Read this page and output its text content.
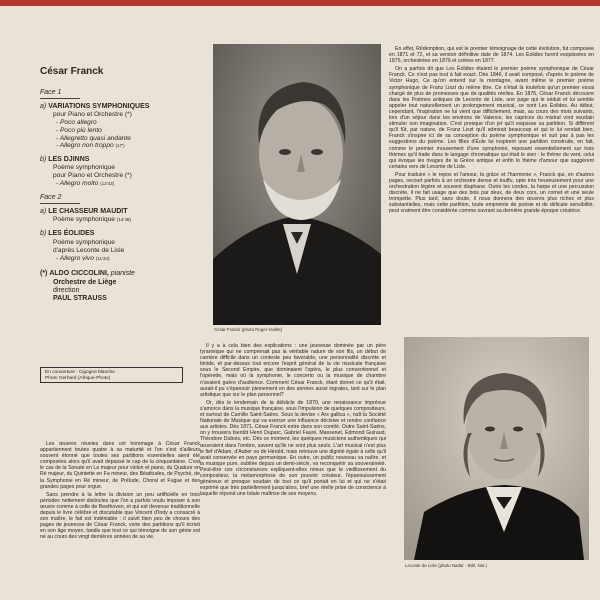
César Franck
Face 1
a) VARIATIONS SYMPHONIQUES
pour Piano et Orchestre (*)
- Poco allegro
- Poco più lento
- Allegretto quasi andante
- Allegro non troppo (17')
b) LES DJINNS
Poème symphonique
pour Piano et Orchestre (*)
- Allegro molto (12'43)
Face 2
a) LE CHASSEUR MAUDIT
Poème symphonique (14'49)
b) LES ÉOLIDES
Poème symphonique
d'après Leconte de Lisle
- Allegro vivo (11'34)
(*) ALDO CICCOLINI, pianiste
Orchestre de Liège
direction
PAUL STRAUSS
En couverture : Cigogne blanche
Photo Gerhard (Afrique-Photo)
César Franck (photo Roger-Viollet)
Leconte de Lisle (photo Nadar - Bibl. Nat.)

Les œuvres réunies dans cet hommage à César Franck appartiennent toutes quatre à sa maturité et l'on s'est d'ailleurs souvent étonné que toutes ses partitions essentielles aient été composées alors qu'il avait dépassé le cap de la cinquantaine. C'est le cas de la Sonate en La majeur pour violon et piano, du Quatuor en Ré majeur, du Quintette en Fa mineur, des Béatitudes, de Psyché, de la Symphonie en Ré mineur, de Prélude, Choral et Fugue et des grandes pages pour orgue.

Sans prendre à la lettre la division un peu artificielle en trois périodes nettement distinctes que l'on a parfois voulu imposer à son œuvre comme à celle de Beethoven, et qui est devenue traditionnelle depuis le livre célèbre et discutable que Vincent d'Indy a consacré à son maître, le fait est indéniable : il suivit bien peu de choses des pages de jeunesse de César Franck, voire des partitions qu'il écrivit en son âge moyen, tandis que tout ce qui témoigne de son génie est né au cours des vingt dernières années de sa vie.

Il y a à cela bien des explications : une jeunesse dominée par un père tyrannique qui ne comprenait pas la véritable nature de son fils, un début de carrière difficile dans un contexte peu favorable, une personnalité discrète et timide, et par-dessus tout encore l'esprit général de la vie musicale française sous le Second Empire, que dominaient l'opéra, le plus conventionnel et l'opérette, mais où la symphonie, le concerto ou la musique de chambre n'avaient guère d'audience. Comment César Franck, étant donné ce qu'il était, aurait-il pu s'épanouir pleinement en des années aussi ingrates, tant sur le plan artistique que sur le plan personnel?

Or, dès le lendemain de la débâcle de 1870, une renaissance imprévue s'amorce dans la musique française, sous l'impulsion de quelques compositeurs, et surtout de Camille Saint-Saëns. Sous la devise « Ars gallica », naît la Société Nationale de Musique qui va exercer une influence décisive et rendre confiance aux artistes. Dès 1871, César Franck entre dans son comité. Outre Saint-Saëns, on y trouvera bientôt Henri Duparc, Gabriel Fauré, Massenet, Edmond Guiraud, Théodore Dubois, etc. Dès ce moment, les quelques musiciens authentiques qui œuvraient dans l'ombre, savent qu'ils ne sont plus seuls. L'art musical n'est plus le fief d'Adam, d'Auber ou de Hérold, mais retrouve une dignité égale à celle qu'il avait conservée en pays germanique. En outre, un public nouveau va naître, et la musique pure, oubliée depuis un demi-siècle, va reconquérir sa souveraineté. Peut-être ces circonstances expliquent-elles mieux que le vieillissement du compositeur, la métamorphose de son pouvoir créateur, l'épanouissement généreux et presque soudain de tout ce qu'il portait en lui et qui ne s'était exprimé que très partiellement jusqu'alors, bref une réelle prise de conscience à laquelle répond une totale maîtrise de ses moyens.

En effet, Rédemption, qui est le premier témoignage de cette évolution, fut composée en 1871 et 72, et sa version définitive date de 1874. Les Éolides furent esquissées en 1875, orchestrées en 1876 et créées en 1877.

On a parfois dit que Les Éolides étaient le premier poème symphonique de César Franck. Ce n'est pas tout à fait exact. Dès 1846, il avait composé, d'après le poème de Victor Hugo, Ce qu'on entend sur la montagne, avant même le premier poème symphonique de Franz Liszt du même titre. Ce n'était là toutefois qu'un premier essai chargé de plus de promesses que de qualités réelles. En 1876, César Franck découvre dans les Poèmes antiques de Leconte de Lisle, une page qui le séduit et lui semble appeler tout naturellement un prolongement musical, ce sont Les Éolides. Au début, cependant, l'inspiration ne lui vient que difficilement, mais, au cours des mois suivants, lors d'un séjour dans les environs de Valence, les caprices du mistral vont soudain stimuler son imagination. C'est presque d'un jet qu'il esquisse sa partition. Si différent qu'il fût, par nature, de Franz Liszt qu'il admirait beaucoup et qui le lui rendait bien, Franck s'inspire ici de sa conception du poème symphonique et suit pas à pas les suggestions du poème. Les filles d'Éole lui inspirent une partition construite, en fait, comme le premier mouvement d'une symphonie, reposant essentiellement sur trois thèmes qu'il traite dans le langage chromatique qui était le sien : le thème du vent, celui qui évoque les rivages de la Grèce antique et enfin le thème d'amour que suggèrent certains vers de Leconte de Lisle.

Pour traduire « le repos et l'amour, la grâce et l'harmonie », Franck qui, en d'autres pages, recourt parfois à un orchestre dense et touffu, opte très heureusement pour une orchestration légère et souvent diaphane. Outre les cordes, la harpe et une percussion discrète, il ne fait usage que des bois par deux, de deux cors, un cornet et une seule trompette. Plus tard, sans doute, il nous donnera des œuvres plus riches et plus substantielles, mais cette partition, toute empreinte de poésie et de délicate sensibilité, peut vraiment être considérée comme ouvrant sa dernière grande époque créatrice.
